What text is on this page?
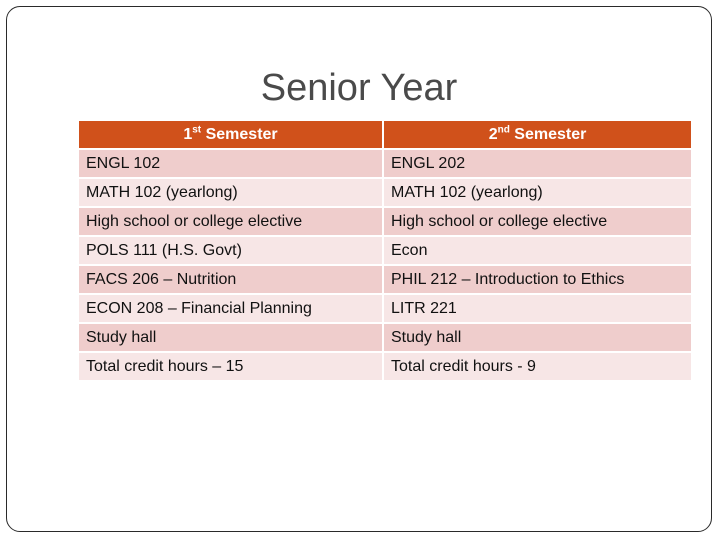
Senior Year
1st Semester	2nd Semester
ENGL 102	ENGL 202
MATH 102 (yearlong)	MATH 102 (yearlong)
High school or college elective	High school or college elective
POLS 111 (H.S. Govt)	Econ
FACS 206 – Nutrition	PHIL 212 – Introduction to Ethics
ECON 208 – Financial Planning	LITR 221
Study hall	Study hall
Total credit hours – 15	Total credit hours - 9
